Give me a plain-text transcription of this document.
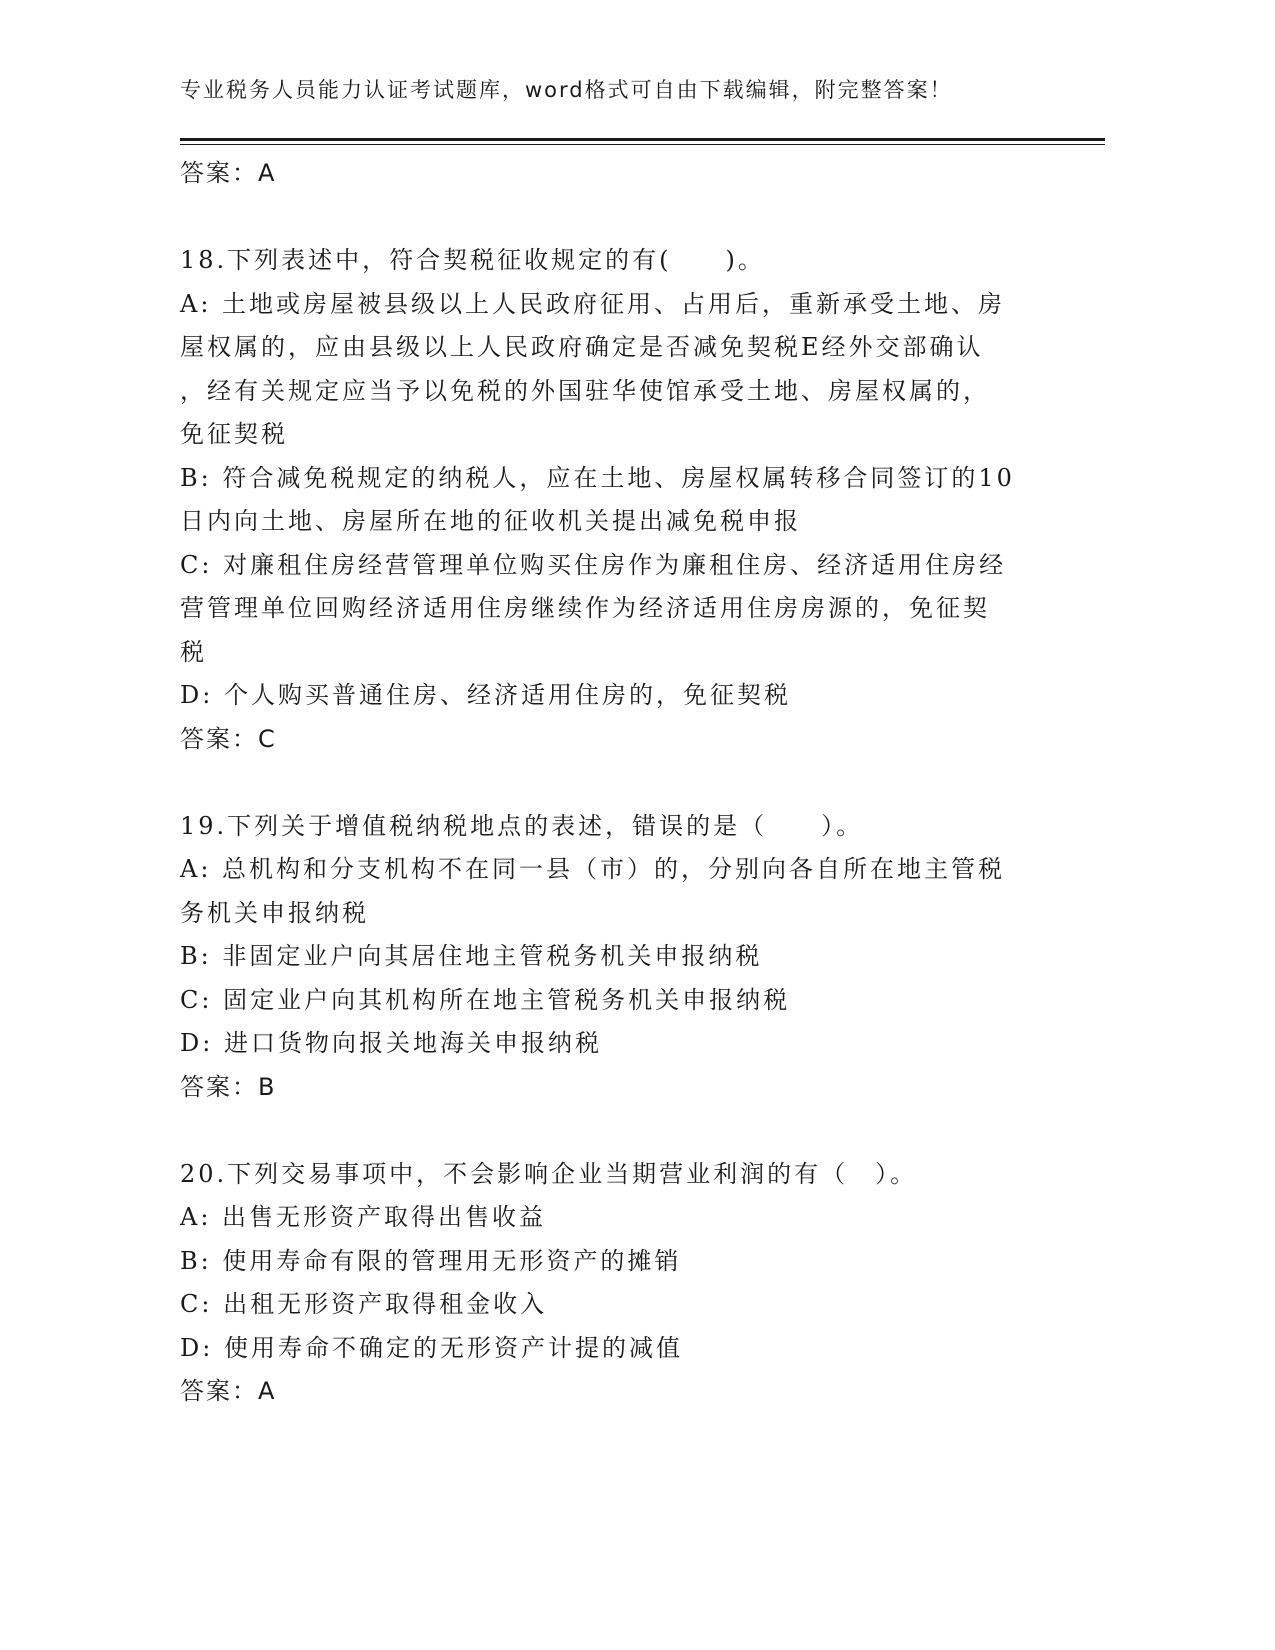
专业税务人员能力认证考试题库，word格式可自由下载编辑，附完整答案！
答案：A
18.下列表述中，符合契税征收规定的有(　　)。
A: 土地或房屋被县级以上人民政府征用、占用后，重新承受土地、房
屋权属的，应由县级以上人民政府确定是否减免契税E经外交部确认
，经有关规定应当予以免税的外国驻华使馆承受土地、房屋权属的，
免征契税
B: 符合减免税规定的纳税人，应在土地、房屋权属转移合同签订的10
日内向土地、房屋所在地的征收机关提出减免税申报
C: 对廉租住房经营管理单位购买住房作为廉租住房、经济适用住房经
营管理单位回购经济适用住房继续作为经济适用住房房源的，免征契
税
D: 个人购买普通住房、经济适用住房的，免征契税
答案：C
19.下列关于增值税纳税地点的表述，错误的是（　　）。
A: 总机构和分支机构不在同一县（市）的，分别向各自所在地主管税
务机关申报纳税
B: 非固定业户向其居住地主管税务机关申报纳税
C: 固定业户向其机构所在地主管税务机关申报纳税
D: 进口货物向报关地海关申报纳税
答案：B
20.下列交易事项中，不会影响企业当期营业利润的有（　）。
A: 出售无形资产取得出售收益
B: 使用寿命有限的管理用无形资产的摊销
C: 出租无形资产取得租金收入
D: 使用寿命不确定的无形资产计提的减值
答案：A
